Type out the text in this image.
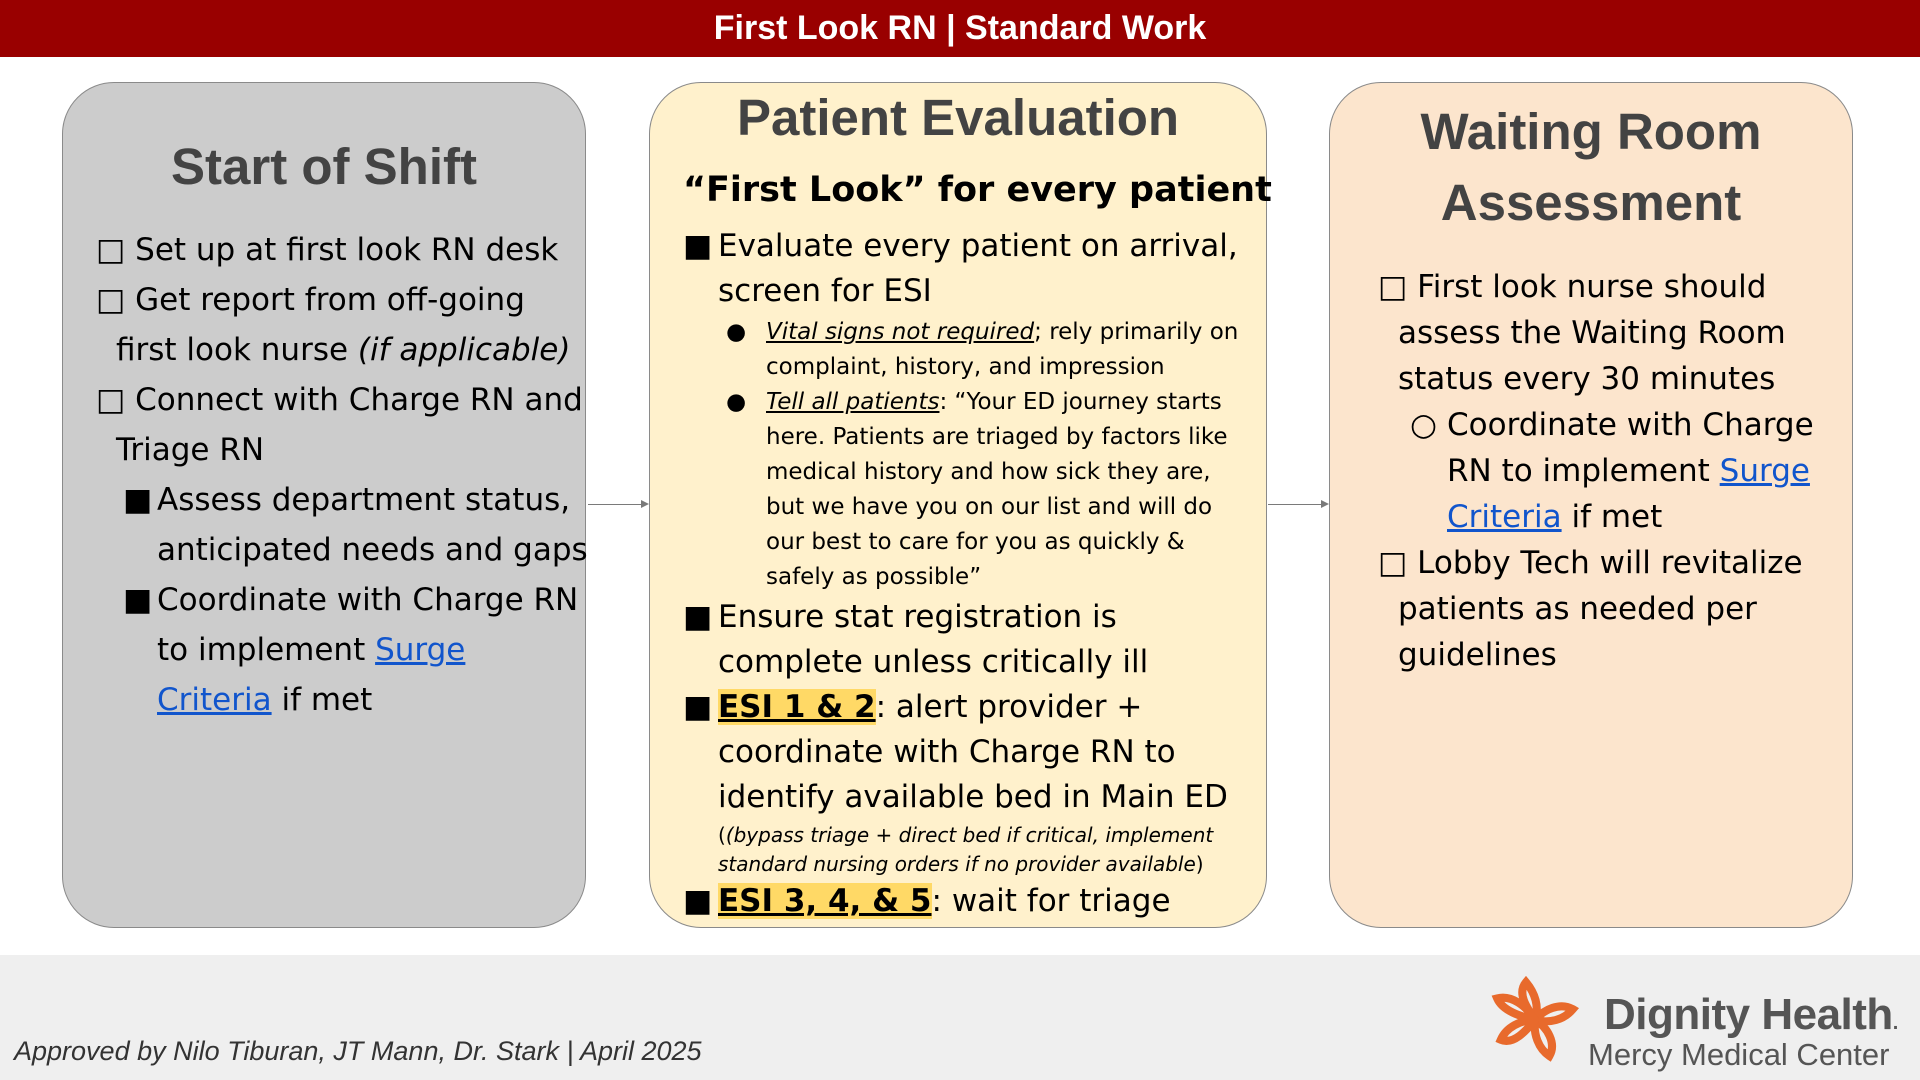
First Look RN | Standard Work
Start of Shift
□ Set up at first look RN desk
□ Get report from off-going
first look nurse (if applicable)
□ Connect with Charge RN and
Triage RN
■ Assess department status,
anticipated needs and gaps
■ Coordinate with Charge RN
to implement Surge
Criteria if met
Patient Evaluation
“First Look” for every patient
■ Evaluate every patient on arrival,
screen for ESI
● Vital signs not required; rely primarily on
complaint, history, and impression
● Tell all patients: “Your ED journey starts
here. Patients are triaged by factors like
medical history and how sick they are,
but we have you on our list and will do
our best to care for you as quickly &
safely as possible”
■ Ensure stat registration is
complete unless critically ill
■ ESI 1 & 2: alert provider +
coordinate with Charge RN to
identify available bed in Main ED
((bypass triage + direct bed if critical, implement
standard nursing orders if no provider available)
■ ESI 3, 4, & 5: wait for triage
Waiting Room
Assessment
□ First look nurse should
assess the Waiting Room
status every 30 minutes
○ Coordinate with Charge
RN to implement Surge
Criteria if met
□ Lobby Tech will revitalize
patients as needed per
guidelines
Approved by Nilo Tiburan, JT Mann, Dr. Stark | April 2025
Dignity Health.
Mercy Medical Center
